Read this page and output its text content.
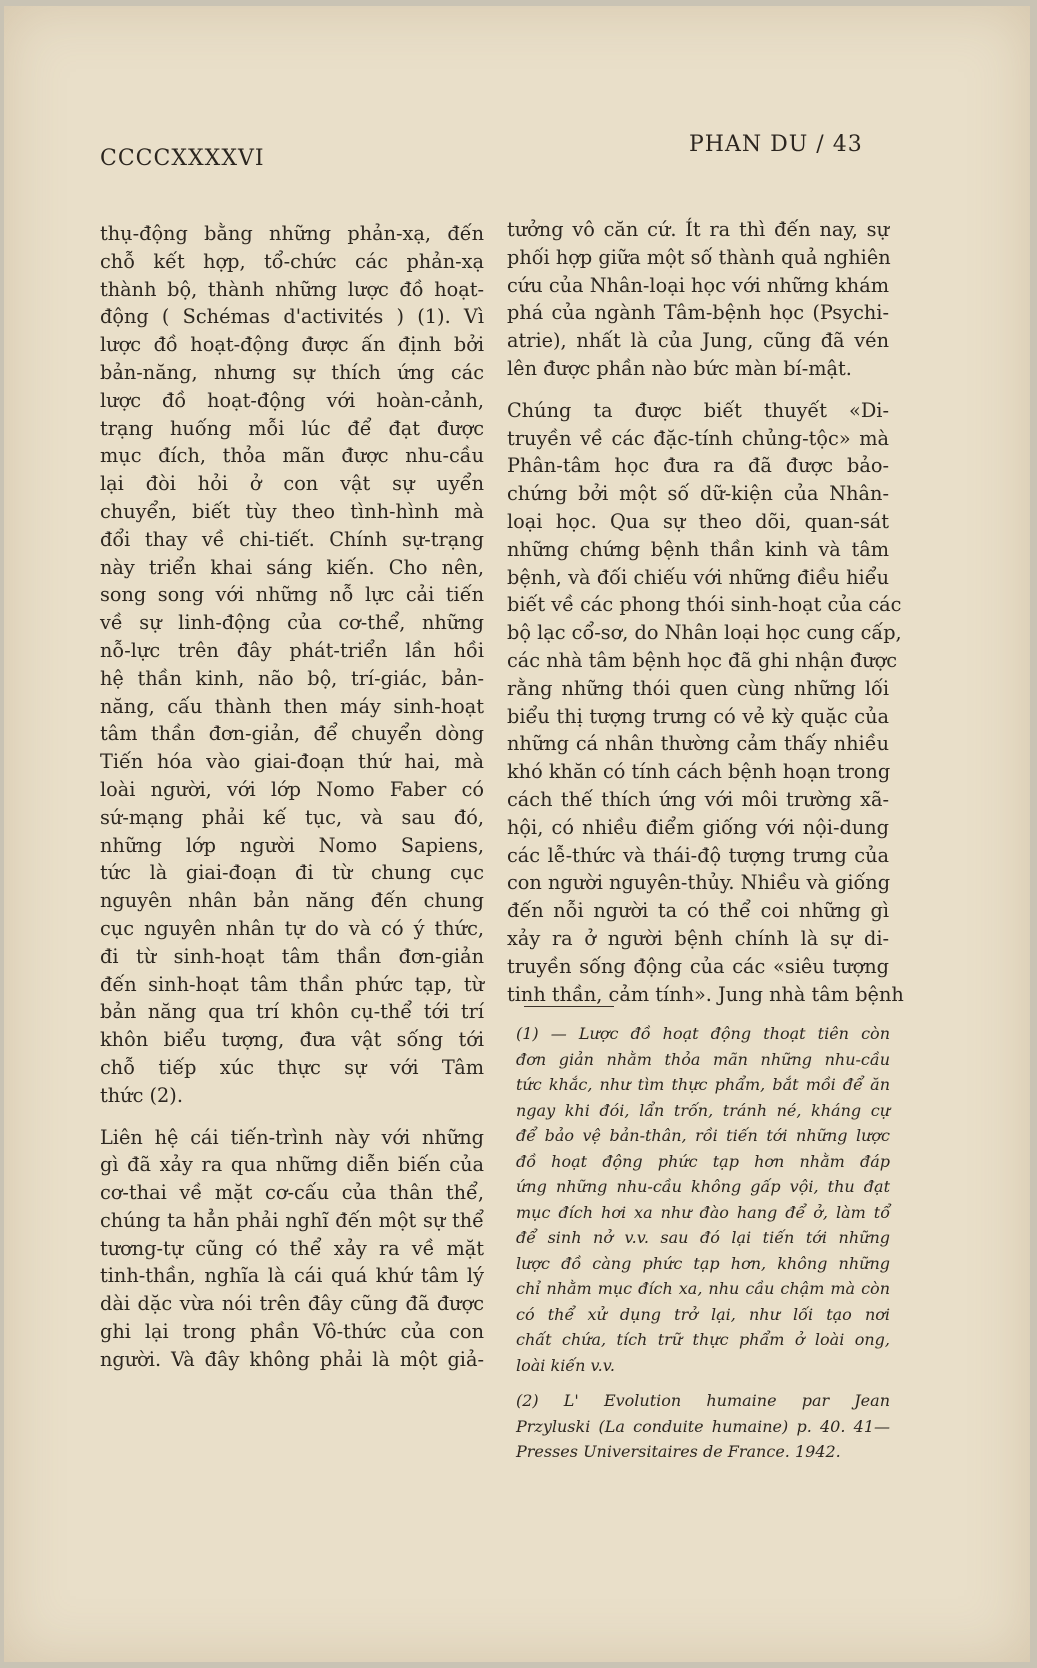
CCCCXXXXVI
PHAN DU / 43
thụ-động bằng những phản-xạ, đến
chỗ kết hợp, tổ-chức các phản-xạ
thành bộ, thành những lược đồ hoạt-
động ( Schémas d'activités ) (1). Vì
lược đồ hoạt-động được ấn định bởi
bản-năng, nhưng sự thích ứng các
lược đồ hoạt-động với hoàn-cảnh,
trạng huống mỗi lúc để đạt được
mục đích, thỏa mãn được nhu-cầu
lại đòi hỏi ở con vật sự uyển
chuyển, biết tùy theo tình-hình mà
đổi thay về chi-tiết. Chính sự-trạng
này triển khai sáng kiến. Cho nên,
song song với những nỗ lực cải tiến
về sự linh-động của cơ-thể, những
nỗ-lực trên đây phát-triển lần hồi
hệ thần kinh, não bộ, trí-giác, bản-
năng, cấu thành then máy sinh-hoạt
tâm thần đơn-giản, để chuyển dòng
Tiến hóa vào giai-đoạn thứ hai, mà
loài người, với lớp Nomo Faber có
sứ-mạng phải kế tục, và sau đó,
những lớp người Nomo Sapiens,
tức là giai-đoạn đi từ chung cục
nguyên nhân bản năng đến chung
cục nguyên nhân tự do và có ý thức,
đi từ sinh-hoạt tâm thần đơn-giản
đến sinh-hoạt tâm thần phức tạp, từ
bản năng qua trí khôn cụ-thể tới trí
khôn biểu tượng, đưa vật sống tới
chỗ tiếp xúc thực sự với Tâm
thức (2).
Liên hệ cái tiến-trình này với những
gì đã xảy ra qua những diễn biến của
cơ-thai về mặt cơ-cấu của thân thể,
chúng ta hẳn phải nghĩ đến một sự thể
tương-tự cũng có thể xảy ra về mặt
tinh-thần, nghĩa là cái quá khứ tâm lý
dài dặc vừa nói trên đây cũng đã được
ghi lại trong phần Vô-thức của con
người. Và đây không phải là một giả-
tưởng vô căn cứ. Ít ra thì đến nay, sự
phối hợp giữa một số thành quả nghiên
cứu của Nhân-loại học với những khám
phá của ngành Tâm-bệnh học (Psychi-
atrie), nhất là của Jung, cũng đã vén
lên được phần nào bức màn bí-mật.
Chúng ta được biết thuyết «Di-
truyền về các đặc-tính chủng-tộc» mà
Phân-tâm học đưa ra đã được bảo-
chứng bởi một số dữ-kiện của Nhân-
loại học. Qua sự theo dõi, quan-sát
những chứng bệnh thần kinh và tâm
bệnh, và đối chiếu với những điều hiểu
biết về các phong thói sinh-hoạt của các
bộ lạc cổ-sơ, do Nhân loại học cung cấp,
các nhà tâm bệnh học đã ghi nhận được
rằng những thói quen cùng những lối
biểu thị tượng trưng có vẻ kỳ quặc của
những cá nhân thường cảm thấy nhiều
khó khăn có tính cách bệnh hoạn trong
cách thế thích ứng với môi trường xã-
hội, có nhiều điểm giống với nội-dung
các lễ-thức và thái-độ tượng trưng của
con người nguyên-thủy. Nhiều và giống
đến nỗi người ta có thể coi những gì
xảy ra ở người bệnh chính là sự di-
truyền sống động của các «siêu tượng
tinh thần, cảm tính». Jung nhà tâm bệnh
(1) — Lược đồ hoạt động thoạt tiên còn
đơn giản nhằm thỏa mãn những nhu-cầu
tức khắc, như tìm thực phẩm, bắt mồi để ăn
ngay khi đói, lẩn trốn, tránh né, kháng cự
để bảo vệ bản-thân, rồi tiến tới những lược
đồ hoạt động phức tạp hơn nhằm đáp
ứng những nhu-cầu không gấp vội, thu đạt
mục đích hơi xa như đào hang để ở, làm tổ
để sinh nở v.v. sau đó lại tiến tới những
lược đồ càng phức tạp hơn, không những
chỉ nhằm mục đích xa, nhu cầu chậm mà còn
có thể xử dụng trở lại, như lối tạo nơi
chất chứa, tích trữ thực phẩm ở loài ong,
loài kiến v.v.
(2) L' Evolution humaine par Jean
Przyluski (La conduite humaine) p. 40. 41—
Presses Universitaires de France. 1942.
